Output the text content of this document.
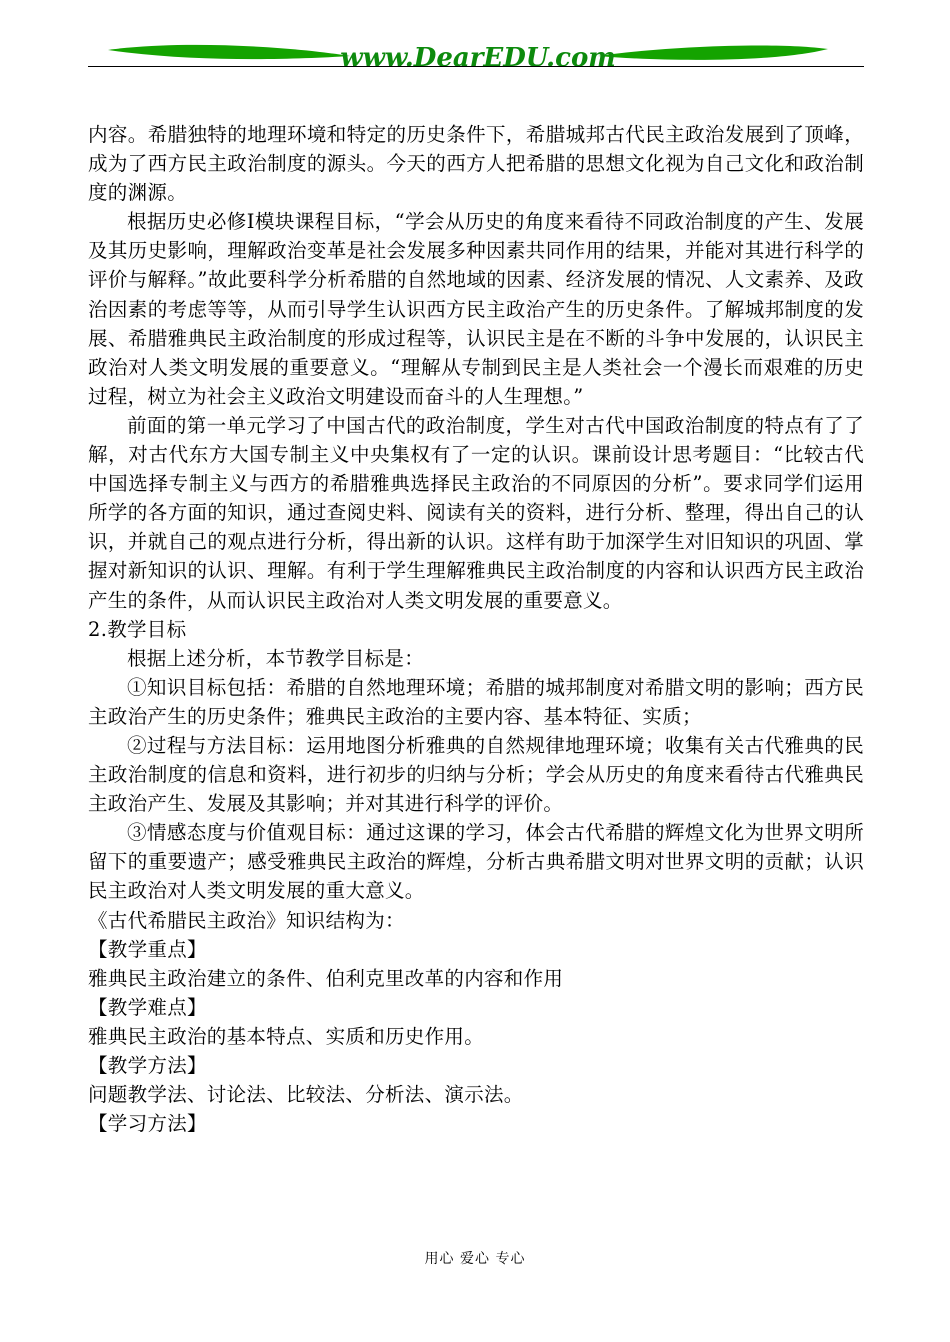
www.DearEDU.com

内容。希腊独特的地理环境和特定的历史条件下，希腊城邦古代民主政治发展到了顶峰，成为了西方民主政治制度的源头。今天的西方人把希腊的思想文化视为自己文化和政治制度的渊源。

根据历史必修Ⅰ模块课程目标，“学会从历史的角度来看待不同政治制度的产生、发展及其历史影响，理解政治变革是社会发展多种因素共同作用的结果，并能对其进行科学的评价与解释。”故此要科学分析希腊的自然地域的因素、经济发展的情况、人文素养、及政治因素的考虑等等，从而引导学生认识西方民主政治产生的历史条件。了解城邦制度的发展、希腊雅典民主政治制度的形成过程等，认识民主是在不断的斗争中发展的，认识民主政治对人类文明发展的重要意义。“理解从专制到民主是人类社会一个漫长而艰难的历史过程，树立为社会主义政治文明建设而奋斗的人生理想。”

前面的第一单元学习了中国古代的政治制度，学生对古代中国政治制度的特点有了了解，对古代东方大国专制主义中央集权有了一定的认识。课前设计思考题目：“比较古代中国选择专制主义与西方的希腊雅典选择民主政治的不同原因的分析”。要求同学们运用所学的各方面的知识，通过查阅史料、阅读有关的资料，进行分析、整理，得出自己的认识，并就自己的观点进行分析，得出新的认识。这样有助于加深学生对旧知识的巩固、掌握对新知识的认识、理解。有利于学生理解雅典民主政治制度的内容和认识西方民主政治产生的条件，从而认识民主政治对人类文明发展的重要意义。

2.教学目标

根据上述分析，本节教学目标是：

①知识目标包括：希腊的自然地理环境；希腊的城邦制度对希腊文明的影响；西方民主政治产生的历史条件；雅典民主政治的主要内容、基本特征、实质；

②过程与方法目标：运用地图分析雅典的自然规律地理环境；收集有关古代雅典的民主政治制度的信息和资料，进行初步的归纳与分析；学会从历史的角度来看待古代雅典民主政治产生、发展及其影响；并对其进行科学的评价。

③情感态度与价值观目标：通过这课的学习，体会古代希腊的辉煌文化为世界文明所留下的重要遗产；感受雅典民主政治的辉煌，分析古典希腊文明对世界文明的贡献；认识民主政治对人类文明发展的重大意义。

《古代希腊民主政治》知识结构为：

【教学重点】

雅典民主政治建立的条件、伯利克里改革的内容和作用

【教学难点】

雅典民主政治的基本特点、实质和历史作用。

【教学方法】

问题教学法、讨论法、比较法、分析法、演示法。

【学习方法】

用心 爱心 专心
